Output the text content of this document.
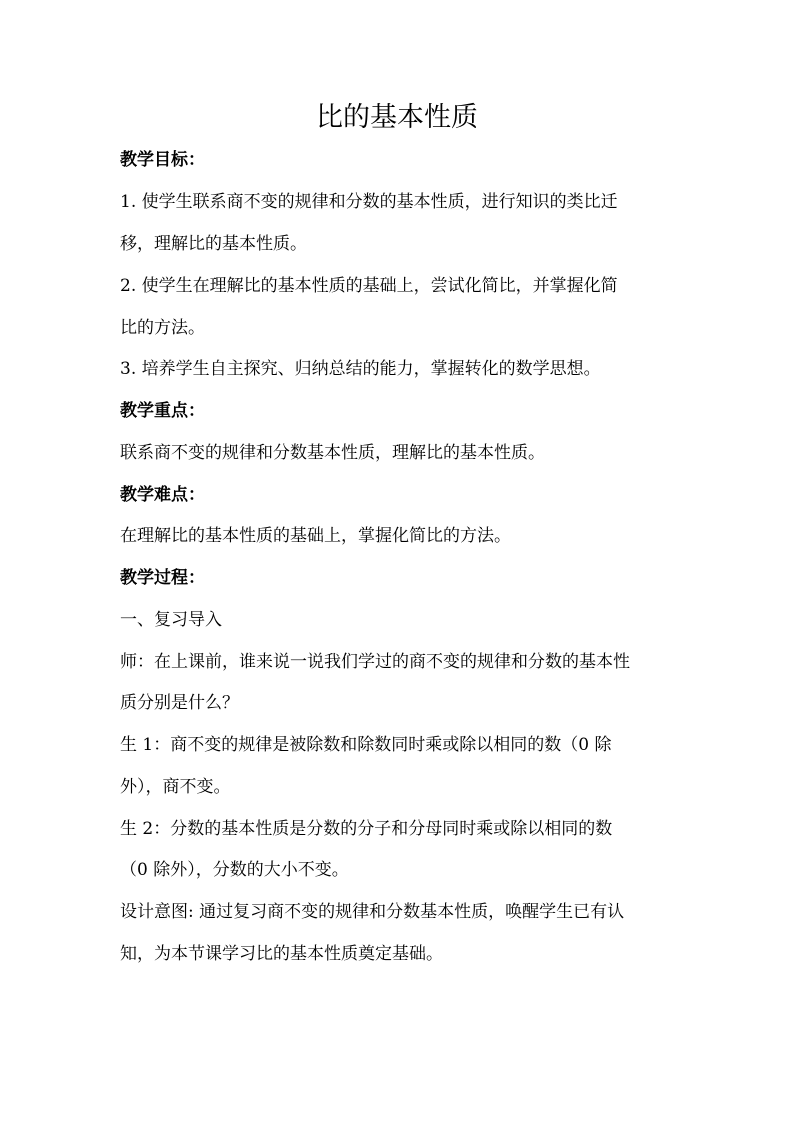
比的基本性质
教学目标：
1. 使学生联系商不变的规律和分数的基本性质，进行知识的类比迁
移，理解比的基本性质。
2. 使学生在理解比的基本性质的基础上，尝试化简比，并掌握化简
比的方法。
3. 培养学生自主探究、归纳总结的能力，掌握转化的数学思想。
教学重点：
联系商不变的规律和分数基本性质，理解比的基本性质。
教学难点：
在理解比的基本性质的基础上，掌握化简比的方法。
教学过程：
一、复习导入
师：在上课前，谁来说一说我们学过的商不变的规律和分数的基本性
质分别是什么？
生 1：商不变的规律是被除数和除数同时乘或除以相同的数（0 除
外），商不变。
生 2：分数的基本性质是分数的分子和分母同时乘或除以相同的数
（0 除外），分数的大小不变。
设计意图: 通过复习商不变的规律和分数基本性质，唤醒学生已有认
知，为本节课学习比的基本性质奠定基础。
